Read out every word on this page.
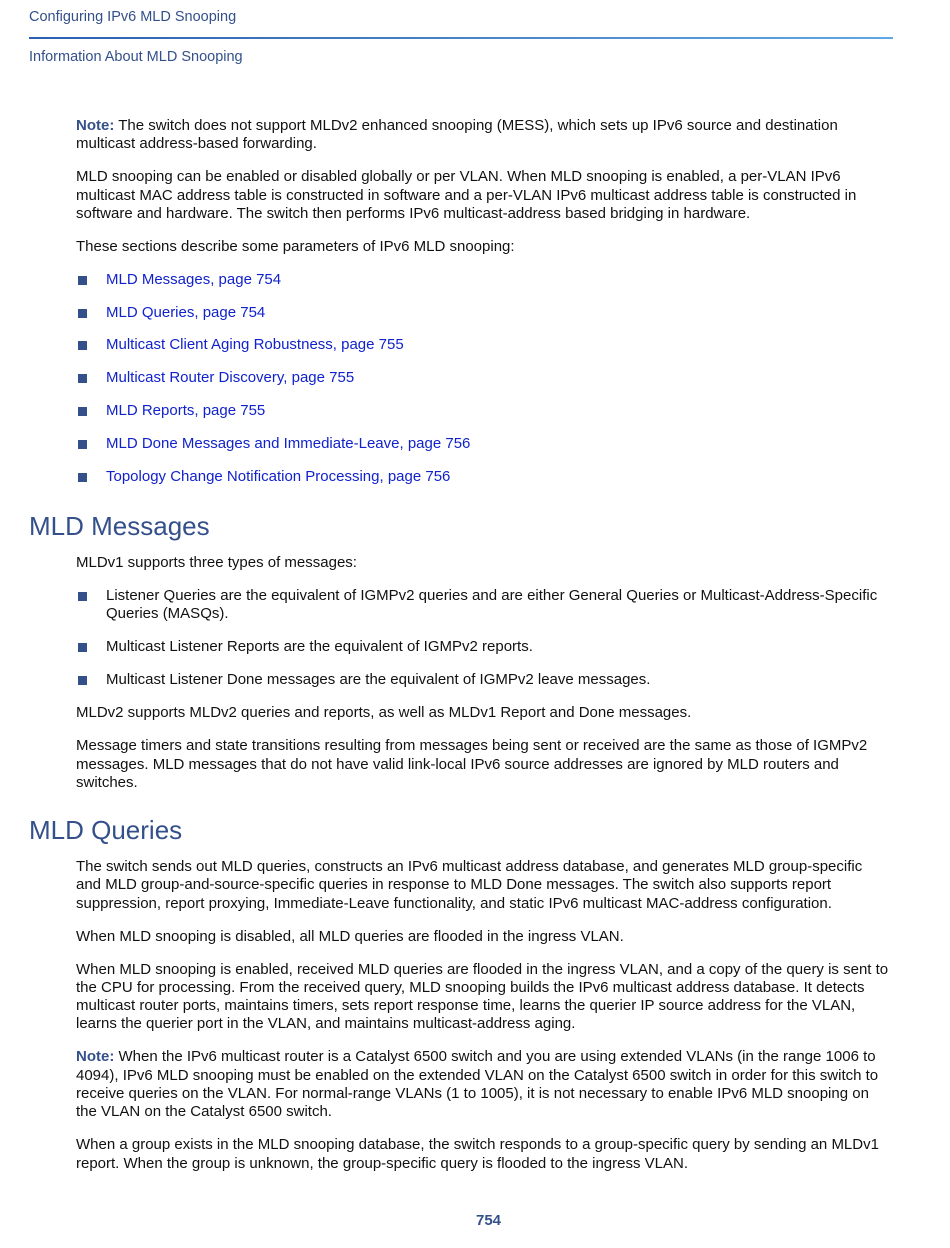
Configuring IPv6 MLD Snooping
Information About MLD Snooping

Note: The switch does not support MLDv2 enhanced snooping (MESS), which sets up IPv6 source and destination multicast address-based forwarding.

MLD snooping can be enabled or disabled globally or per VLAN. When MLD snooping is enabled, a per-VLAN IPv6 multicast MAC address table is constructed in software and a per-VLAN IPv6 multicast address table is constructed in software and hardware. The switch then performs IPv6 multicast-address based bridging in hardware.

These sections describe some parameters of IPv6 MLD snooping:

MLD Messages, page 754
MLD Queries, page 754
Multicast Client Aging Robustness, page 755
Multicast Router Discovery, page 755
MLD Reports, page 755
MLD Done Messages and Immediate-Leave, page 756
Topology Change Notification Processing, page 756
MLD Messages

MLDv1 supports three types of messages:

Listener Queries are the equivalent of IGMPv2 queries and are either General Queries or Multicast-Address-Specific Queries (MASQs).
Multicast Listener Reports are the equivalent of IGMPv2 reports.
Multicast Listener Done messages are the equivalent of IGMPv2 leave messages.

MLDv2 supports MLDv2 queries and reports, as well as MLDv1 Report and Done messages.

Message timers and state transitions resulting from messages being sent or received are the same as those of IGMPv2 messages. MLD messages that do not have valid link-local IPv6 source addresses are ignored by MLD routers and switches.

MLD Queries

The switch sends out MLD queries, constructs an IPv6 multicast address database, and generates MLD group-specific and MLD group-and-source-specific queries in response to MLD Done messages. The switch also supports report suppression, report proxying, Immediate-Leave functionality, and static IPv6 multicast MAC-address configuration.

When MLD snooping is disabled, all MLD queries are flooded in the ingress VLAN.

When MLD snooping is enabled, received MLD queries are flooded in the ingress VLAN, and a copy of the query is sent to the CPU for processing. From the received query, MLD snooping builds the IPv6 multicast address database. It detects multicast router ports, maintains timers, sets report response time, learns the querier IP source address for the VLAN, learns the querier port in the VLAN, and maintains multicast-address aging.

Note: When the IPv6 multicast router is a Catalyst 6500 switch and you are using extended VLANs (in the range 1006 to 4094), IPv6 MLD snooping must be enabled on the extended VLAN on the Catalyst 6500 switch in order for this switch to receive queries on the VLAN. For normal-range VLANs (1 to 1005), it is not necessary to enable IPv6 MLD snooping on the VLAN on the Catalyst 6500 switch.

When a group exists in the MLD snooping database, the switch responds to a group-specific query by sending an MLDv1 report. When the group is unknown, the group-specific query is flooded to the ingress VLAN.

754
